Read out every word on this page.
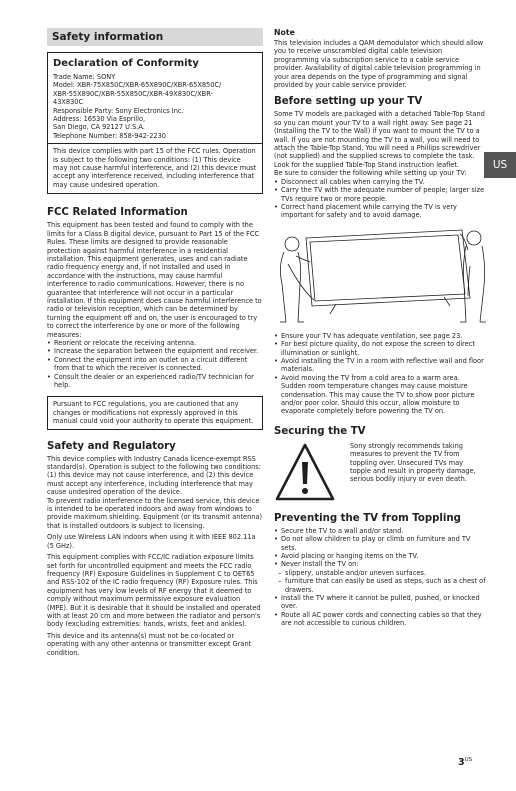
Safety information
Declaration of Conformity

Trade Name: SONY

Model: XBR-75X850C/XBR-65X890C/XBR-65X850C/

XBR-55X890C/XBR-55X850C/XBR-49X830C/XBR-

43X830C

Responsible Party: Sony Electronics Inc.

Address: 16530 Via Esprillo,

San Diego, CA 92127 U.S.A.

Telephone Number: 858-942-2230

This device complies with part 15 of the FCC rules. Operation is subject to the following two conditions: (1) This device may not cause harmful interference, and (2) this device must accept any interference received, including interference that may cause undesired operation.

FCC Related Information

This equipment has been tested and found to comply with the limits for a Class B digital device, pursuant to Part 15 of the FCC Rules. These limits are designed to provide reasonable protection against harmful interference in a residential installation. This equipment generates, uses and can radiate radio frequency energy and, if not installed and used in accordance with the instructions, may cause harmful interference to radio communications. However, there is no guarantee that interference will not occur in a particular installation. If this equipment does cause harmful interference to radio or television reception, which can be determined by turning the equipment off and on, the user is encouraged to try to correct the interference by one or more of the following measures:

• Reorient or relocate the receiving antenna.
• Increase the separation between the equipment and receiver.
• Connect the equipment into an outlet on a circuit different from that to which the receiver is connected.
• Consult the dealer or an experienced radio/TV technician for help.

Pursuant to FCC regulations, you are cautioned that any changes or modifications not expressly approved in this manual could void your authority to operate this equipment.

Safety and Regulatory

This device complies with Industry Canada licence-exempt RSS standard(s). Operation is subject to the following two conditions: (1) this device may not cause interference, and (2) this device must accept any interference, including interference that may cause undesired operation of the device.

To prevent radio interference to the licensed service, this device is intended to be operated indoors and away from windows to provide maximum shielding. Equipment (or its transmit antenna) that is installed outdoors is subject to licensing.

Only use Wireless LAN indoors when using it with IEEE 802.11a (5 GHz).

This equipment complies with FCC/IC radiation exposure limits set forth for uncontrolled equipment and meets the FCC radio frequency (RF) Exposure Guidelines in Supplement C to OET65 and RSS-102 of the IC radio frequency (RF) Exposure rules. This equipment has very low levels of RF energy that it deemed to comply without maximum permissive exposure evaluation (MPE). But it is desirable that it should be installed and operated with at least 20 cm and more between the radiator and person's body (excluding extremities: hands, wrists, feet and ankles).

This device and its antenna(s) must not be co-located or operating with any other antenna or transmitter except Grant condition.

Note

This television includes a QAM demodulator which should allow you to receive unscrambled digital cable television programming via subscription service to a cable service provider. Availability of digital cable television programming in your area depends on the type of programming and signal provided by your cable service provider.

Before setting up your TV

Some TV models are packaged with a detached Table-Top Stand so you can mount your TV to a wall right away. See page 21 (Installing the TV to the Wall) if you want to mount the TV to a wall. If you are not mounting the TV to a wall, you will need to attach the Table-Top Stand. You will need a Phillips screwdriver (not supplied) and the supplied screws to complete the task. Look for the supplied Table-Top Stand instruction leaflet.

Be sure to consider the following while setting up your TV:

• Disconnect all cables when carrying the TV.
• Carry the TV with the adequate number of people; larger size TVs require two or more people.
• Correct hand placement while carrying the TV is very important for safety and to avoid damage.
• Ensure your TV has adequate ventilation, see page 23.
• For best picture quality, do not expose the screen to direct illumination or sunlight.
• Avoid installing the TV in a room with reflective wall and floor materials.
• Avoid moving the TV from a cold area to a warm area. Sudden room temperature changes may cause moisture condensation. This may cause the TV to show poor picture and/or poor color. Should this occur, allow moisture to evaporate completely before powering the TV on.
Securing the TV

Sony strongly recommends taking measures to prevent the TV from toppling over. Unsecured TVs may topple and result in property damage, serious bodily injury or even death.

Preventing the TV from Toppling
• Secure the TV to a wall and/or stand.
• Do not allow children to play or climb on furniture and TV sets.
• Avoid placing or hanging items on the TV.
• Never install the TV on:
– slippery, unstable and/or uneven surfaces.
– furniture that can easily be used as steps, such as a chest of drawers.
• Install the TV where it cannot be pulled, pushed, or knocked over.
• Route all AC power cords and connecting cables so that they are not accessible to curious children.
US
$3^{US}$
